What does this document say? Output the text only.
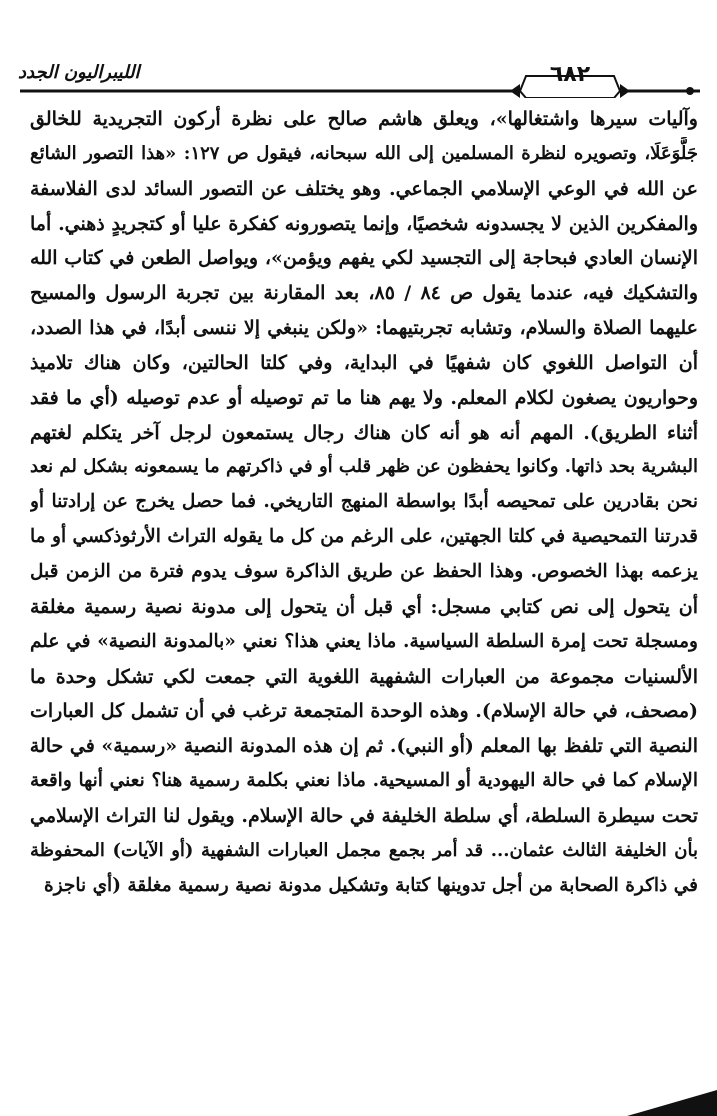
٦٨٢
الليبراليون الجدد
وآليات سيرها واشتغالها»، ويعلق هاشم صالح على نظرة أركون التجريدية للخالق
جَلَّوَعَلَا، وتصويره لنظرة المسلمين إلى الله سبحانه، فيقول ص ١٢٧: «هذا التصور الشائع
عن الله في الوعي الإسلامي الجماعي. وهو يختلف عن التصور السائد لدى الفلاسفة
والمفكرين الذين لا يجسدونه شخصيًا، وإنما يتصورونه كفكرة عليا أو كتجريدٍ ذهني. أما
الإنسان العادي فبحاجة إلى التجسيد لكي يفهم ويؤمن»، ويواصل الطعن في كتاب الله
والتشكيك فيه، عندما يقول ص ٨٤ / ٨٥، بعد المقارنة بين تجربة الرسول والمسيح
عليهما الصلاة والسلام، وتشابه تجربتيهما: «ولكن ينبغي إلا ننسى أبدًا، في هذا الصدد،
أن التواصل اللغوي كان شفهيًا في البداية، وفي كلتا الحالتين، وكان هناك تلاميذ
وحواريون يصغون لكلام المعلم. ولا يهم هنا ما تم توصيله أو عدم توصيله (أي ما فقد
أثناء الطريق). المهم أنه هو أنه كان هناك رجال يستمعون لرجل آخر يتكلم لغتهم
البشرية بحد ذاتها. وكانوا يحفظون عن ظهر قلب أو في ذاكرتهم ما يسمعونه بشكل لم نعد
نحن بقادرين على تمحيصه أبدًا بواسطة المنهج التاريخي. فما حصل يخرج عن إرادتنا أو
قدرتنا التمحيصية في كلتا الجهتين، على الرغم من كل ما يقوله التراث الأرثوذكسي أو ما
يزعمه بهذا الخصوص. وهذا الحفظ عن طريق الذاكرة سوف يدوم فترة من الزمن قبل
أن يتحول إلى نص كتابي مسجل: أي قبل أن يتحول إلى مدونة نصية رسمية مغلقة
ومسجلة تحت إمرة السلطة السياسية. ماذا يعني هذا؟ نعني «بالمدونة النصية» في علم
الألسنيات مجموعة من العبارات الشفهية اللغوية التي جمعت لكي تشكل وحدة ما
(مصحف، في حالة الإسلام). وهذه الوحدة المتجمعة ترغب في أن تشمل كل العبارات
النصية التي تلفظ بها المعلم (أو النبي). ثم إن هذه المدونة النصية «رسمية» في حالة
الإسلام كما في حالة اليهودية أو المسيحية. ماذا نعني بكلمة رسمية هنا؟ نعني أنها واقعة
تحت سيطرة السلطة، أي سلطة الخليفة في حالة الإسلام. ويقول لنا التراث الإسلامي
بأن الخليفة الثالث عثمان... قد أمر بجمع مجمل العبارات الشفهية (أو الآيات) المحفوظة
في ذاكرة الصحابة من أجل تدوينها كتابة وتشكيل مدونة نصية رسمية مغلقة (أي ناجزة
